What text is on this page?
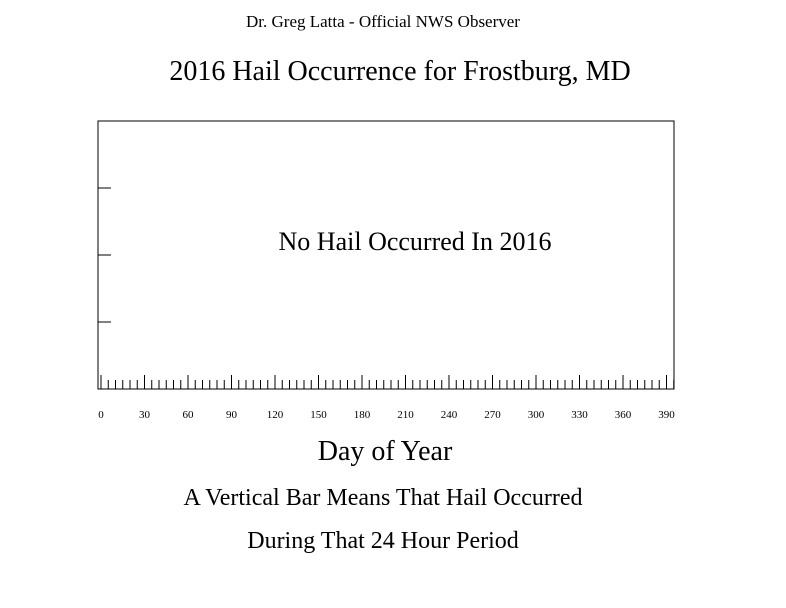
Dr. Greg Latta - Official NWS Observer
2016 Hail Occurrence for Frostburg, MD
0	30	60	90	120 150 180 210 240 270 300 330 360 390
No Hail Occurred In 2016
Day of Year
A Vertical Bar Means That Hail Occurred
During That 24 Hour Period
